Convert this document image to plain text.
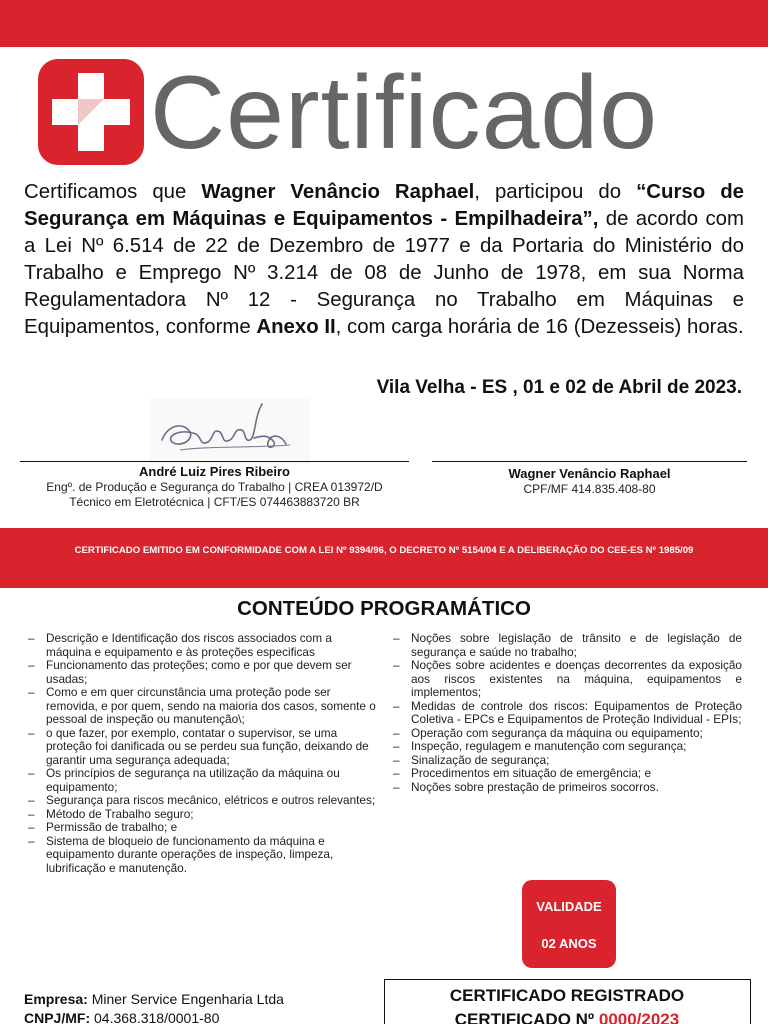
Certificado
Certificamos que Wagner Venâncio Raphael, participou do “Curso de Segurança em Máquinas e Equipamentos - Empilhadeira”, de acordo com a Lei Nº 6.514 de 22 de Dezembro de 1977 e da Portaria do Ministério do Trabalho e Emprego Nº 3.214 de 08 de Junho de 1978, em sua Norma Regulamentadora Nº 12 - Segurança no Trabalho em Máquinas e Equipamentos, conforme Anexo II, com carga horária de 16 (Dezesseis) horas.
Vila Velha - ES , 01 e 02 de Abril de 2023.
André Luiz Pires Ribeiro
Engº. de Produção e Segurança do Trabalho | CREA 013972/D
Técnico em Eletrotécnica | CFT/ES 074463883720 BR
Wagner Venâncio Raphael
CPF/MF 414.835.408-80
CERTIFICADO EMITIDO EM CONFORMIDADE COM A LEI Nº 9394/96, O DECRETO Nº 5154/04 E A DELIBERAÇÃO DO CEE-ES Nº 1985/09
CONTEÚDO PROGRAMÁTICO
– Descrição e Identificação dos riscos associados com a máquina e equipamento e às proteções especificas
– Funcionamento das proteções; como e por que devem ser usadas;
– Como e em quer circunstância uma proteção pode ser removida, e por quem, sendo na maioria dos casos, somente o pessoal de inspeção ou manutenção\;
– o que fazer, por exemplo, contatar o supervisor, se uma proteção foi danificada ou se perdeu sua função, deixando de garantir uma segurança adequada;
– Os princípios de segurança na utilização da máquina ou equipamento;
– Segurança para riscos mecânico, elétricos e outros relevantes;
– Método de Trabalho seguro;
– Permissão de trabalho; e
– Sistema de bloqueio de funcionamento da máquina e equipamento durante operações de inspeção, limpeza, lubrificação e manutenção.
– Noções sobre legislação de trânsito e de legislação de segurança e saúde no trabalho;
– Noções sobre acidentes e doenças decorrentes da exposição aos riscos existentes na máquina, equipamentos e implementos;
– Medidas de controle dos riscos: Equipamentos de Proteção Coletiva - EPCs e Equipamentos de Proteção Individual - EPIs;
– Operação com segurança da máquina ou equipamento;
– Inspeção, regulagem e manutenção com segurança;
– Sinalização de segurança;
– Procedimentos em situação de emergência; e
– Noções sobre prestação de primeiros socorros.
VALIDADE
02 ANOS
Empresa: Miner Service Engenharia Ltda
CNPJ/MF: 04.368.318/0001-80
CERTIFICADO REGISTRADO
CERTIFICADO Nº 0000/2023
